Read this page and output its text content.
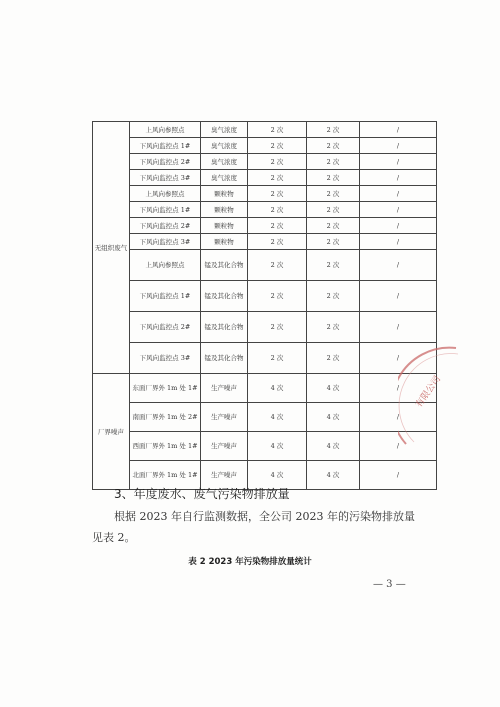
无组织废气	上风向参照点	臭气浓度	2 次	2 次	/
	下风向监控点 1#	臭气浓度	2 次	2 次	/
	下风向监控点 2#	臭气浓度	2 次	2 次	/
	下风向监控点 3#	臭气浓度	2 次	2 次	/
	上风向参照点	颗粒物	2 次	2 次	/
	下风向监控点 1#	颗粒物	2 次	2 次	/
	下风向监控点 2#	颗粒物	2 次	2 次	/
	下风向监控点 3#	颗粒物	2 次	2 次	/
	上风向参照点	锰及其化合物	2 次	2 次	/
	下风向监控点 1#	锰及其化合物	2 次	2 次	/
	下风向监控点 2#	锰及其化合物	2 次	2 次	/
	下风向监控点 3#	锰及其化合物	2 次	2 次	/
厂界噪声	东面厂界外 1m 处 1#	生产噪声	4 次	4 次	/
	南面厂界外 1m 处 2#	生产噪声	4 次	4 次	/
	西面厂界外 1m 处 1#	生产噪声	4 次	4 次	/
	北面厂界外 1m 处 1#	生产噪声	4 次	4 次	/
有限公司
3、年度废水、废气污染物排放量
根据 2023 年自行监测数据，全公司 2023 年的污染物排放量
见表 2。
表 2 2023 年污染物排放量统计
— 3 —
